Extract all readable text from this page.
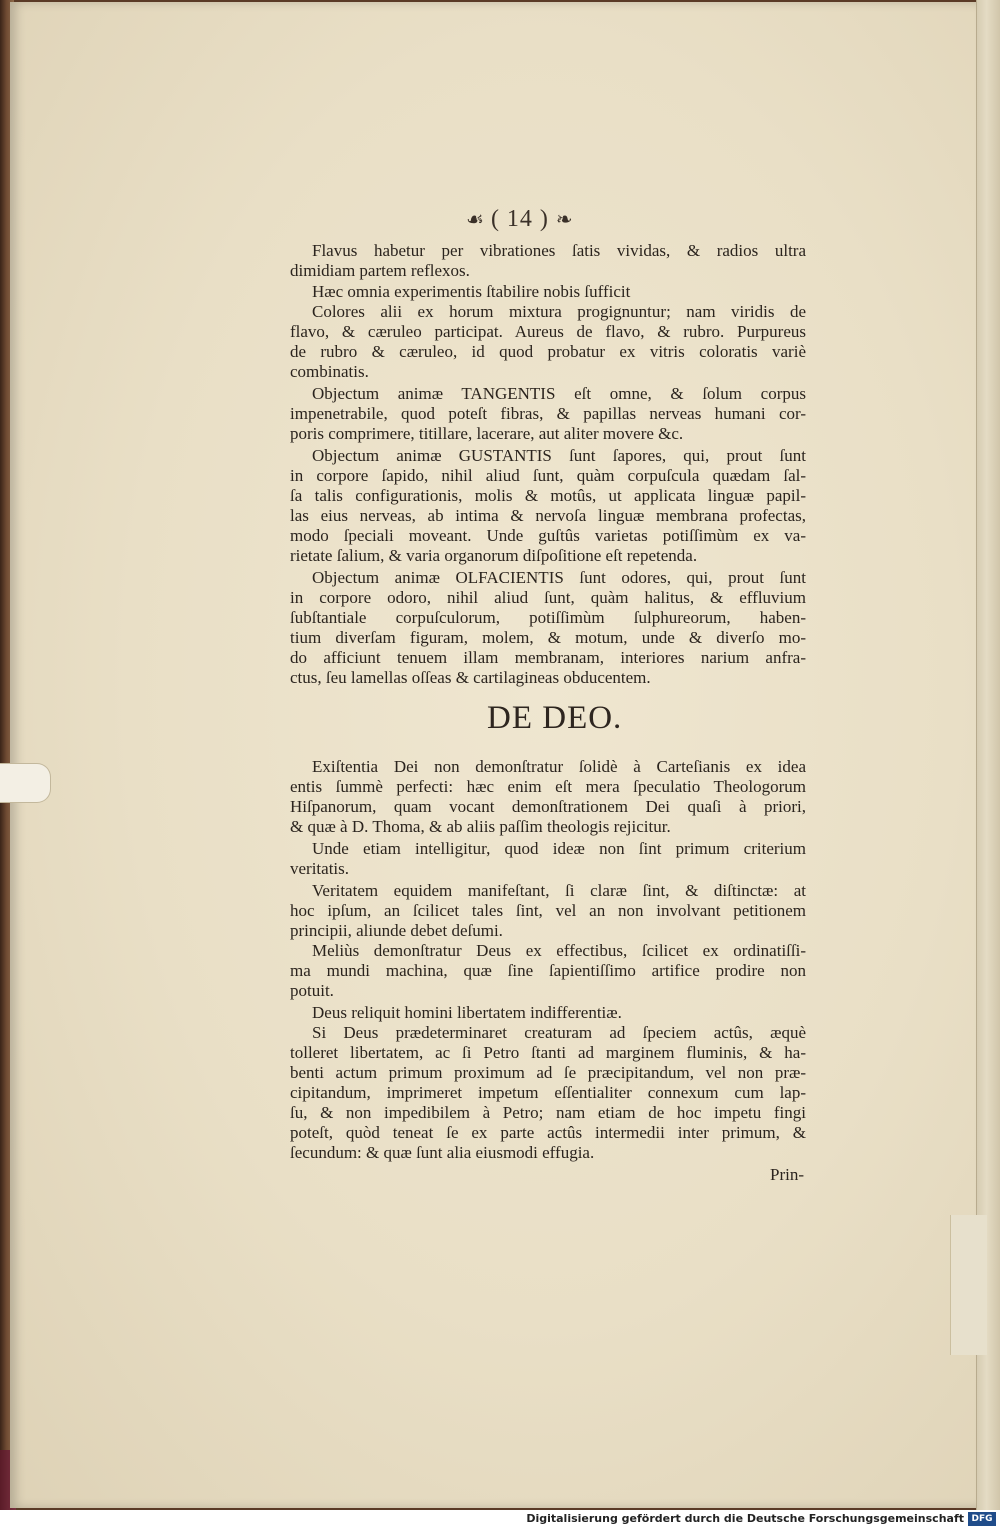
☙ ( 14 ) ❧
Flavus habetur per vibrationes ſatis vividas, & radios ultra
dimidiam partem reflexos.
Hæc omnia experimentis ſtabilire nobis ſufficit
Colores alii ex horum mixtura progignuntur; nam viridis de
flavo, & cæruleo participat. Aureus de flavo, & rubro. Purpureus
de rubro & cæruleo, id quod probatur ex vitris coloratis variè
combinatis.
Objectum animæ TANGENTIS eſt omne, & ſolum corpus
impenetrabile, quod poteſt fibras, & papillas nerveas humani cor-
poris comprimere, titillare, lacerare, aut aliter movere &c.
Objectum animæ GUSTANTIS ſunt ſapores, qui, prout ſunt
in corpore ſapido, nihil aliud ſunt, quàm corpuſcula quædam ſal-
ſa talis configurationis, molis & motûs, ut applicata linguæ papil-
las eius nerveas, ab intima & nervoſa linguæ membrana profectas,
modo ſpeciali moveant. Unde guſtûs varietas potiſſimùm ex va-
rietate ſalium, & varia organorum diſpoſitione eſt repetenda.
Objectum animæ OLFACIENTIS ſunt odores, qui, prout ſunt
in corpore odoro, nihil aliud ſunt, quàm halitus, & effluvium
ſubſtantiale corpuſculorum, potiſſimùm ſulphureorum, haben-
tium diverſam figuram, molem, & motum, unde & diverſo mo-
do afficiunt tenuem illam membranam, interiores narium anfra-
ctus, ſeu lamellas oſſeas & cartilagineas obducentem.
DE DEO.
Exiſtentia Dei non demonſtratur ſolidè à Carteſianis ex idea
entis ſummè perfecti: hæc enim eſt mera ſpeculatio Theologorum
Hiſpanorum, quam vocant demonſtrationem Dei quaſi à priori,
& quæ à D. Thoma, & ab aliis paſſim theologis rejicitur.
Unde etiam intelligitur, quod ideæ non ſint primum criterium
veritatis.
Veritatem equidem manifeſtant, ſi claræ ſint, & diſtinctæ: at
hoc ipſum, an ſcilicet tales ſint, vel an non involvant petitionem
principii, aliunde debet deſumi.
Meliùs demonſtratur Deus ex effectibus, ſcilicet ex ordinatiſſi-
ma mundi machina, quæ ſine ſapientiſſimo artifice prodire non
potuit.
Deus reliquit homini libertatem indifferentiæ.
Si Deus prædeterminaret creaturam ad ſpeciem actûs, æquè
tolleret libertatem, ac ſi Petro ſtanti ad marginem fluminis, & ha-
benti actum primum proximum ad ſe præcipitandum, vel non præ-
cipitandum, imprimeret impetum eſſentialiter connexum cum lap-
ſu, & non impedibilem à Petro; nam etiam de hoc impetu fingi
poteſt, quòd teneat ſe ex parte actûs intermedii inter primum, &
ſecundum: & quæ ſunt alia eiusmodi effugia.
Prin-
Digitalisierung gefördert durch die Deutsche Forschungsgemeinschaft DFG
